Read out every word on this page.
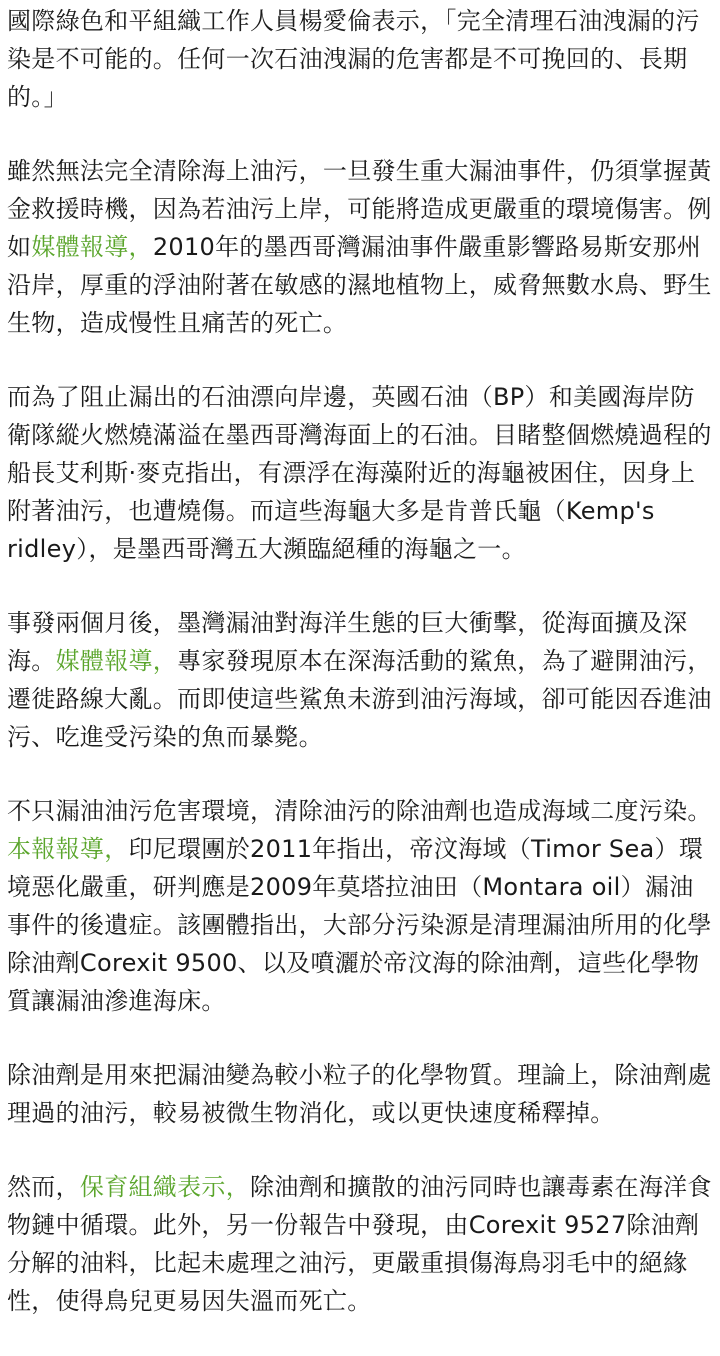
國際綠色和平組織工作人員楊愛倫表示，「完全清理石油洩漏的污染是不可能的。任何一次石油洩漏的危害都是不可挽回的、長期的。」

雖然無法完全清除海上油污，一旦發生重大漏油事件，仍須掌握黃金救援時機，因為若油污上岸，可能將造成更嚴重的環境傷害。例如媒體報導，2010年的墨西哥灣漏油事件嚴重影響路易斯安那州沿岸，厚重的浮油附著在敏感的濕地植物上，威脅無數水鳥、野生生物，造成慢性且痛苦的死亡。

而為了阻止漏出的石油漂向岸邊，英國石油（BP）和美國海岸防衛隊縱火燃燒滿溢在墨西哥灣海面上的石油。目睹整個燃燒過程的船長艾利斯·麥克指出，有漂浮在海藻附近的海龜被困住，因身上附著油污，也遭燒傷。而這些海龜大多是肯普氏龜（Kemp's ridley），是墨西哥灣五大瀕臨絕種的海龜之一。

事發兩個月後，墨灣漏油對海洋生態的巨大衝擊，從海面擴及深海。媒體報導，專家發現原本在深海活動的鯊魚，為了避開油污，遷徙路線大亂。而即使這些鯊魚未游到油污海域，卻可能因吞進油污、吃進受污染的魚而暴斃。

不只漏油油污危害環境，清除油污的除油劑也造成海域二度污染。本報報導，印尼環團於2011年指出，帝汶海域（Timor Sea）環境惡化嚴重，研判應是2009年莫塔拉油田（Montara oil）漏油事件的後遺症。該團體指出，大部分污染源是清理漏油所用的化學除油劑Corexit 9500、以及噴灑於帝汶海的除油劑，這些化學物質讓漏油滲進海床。

除油劑是用來把漏油變為較小粒子的化學物質。理論上，除油劑處理過的油污，較易被微生物消化，或以更快速度稀釋掉。

然而，保育組織表示，除油劑和擴散的油污同時也讓毒素在海洋食物鏈中循環。此外，另一份報告中發現，由Corexit 9527除油劑分解的油料，比起未處理之油污，更嚴重損傷海鳥羽毛中的絕緣性，使得鳥兒更易因失溫而死亡。
